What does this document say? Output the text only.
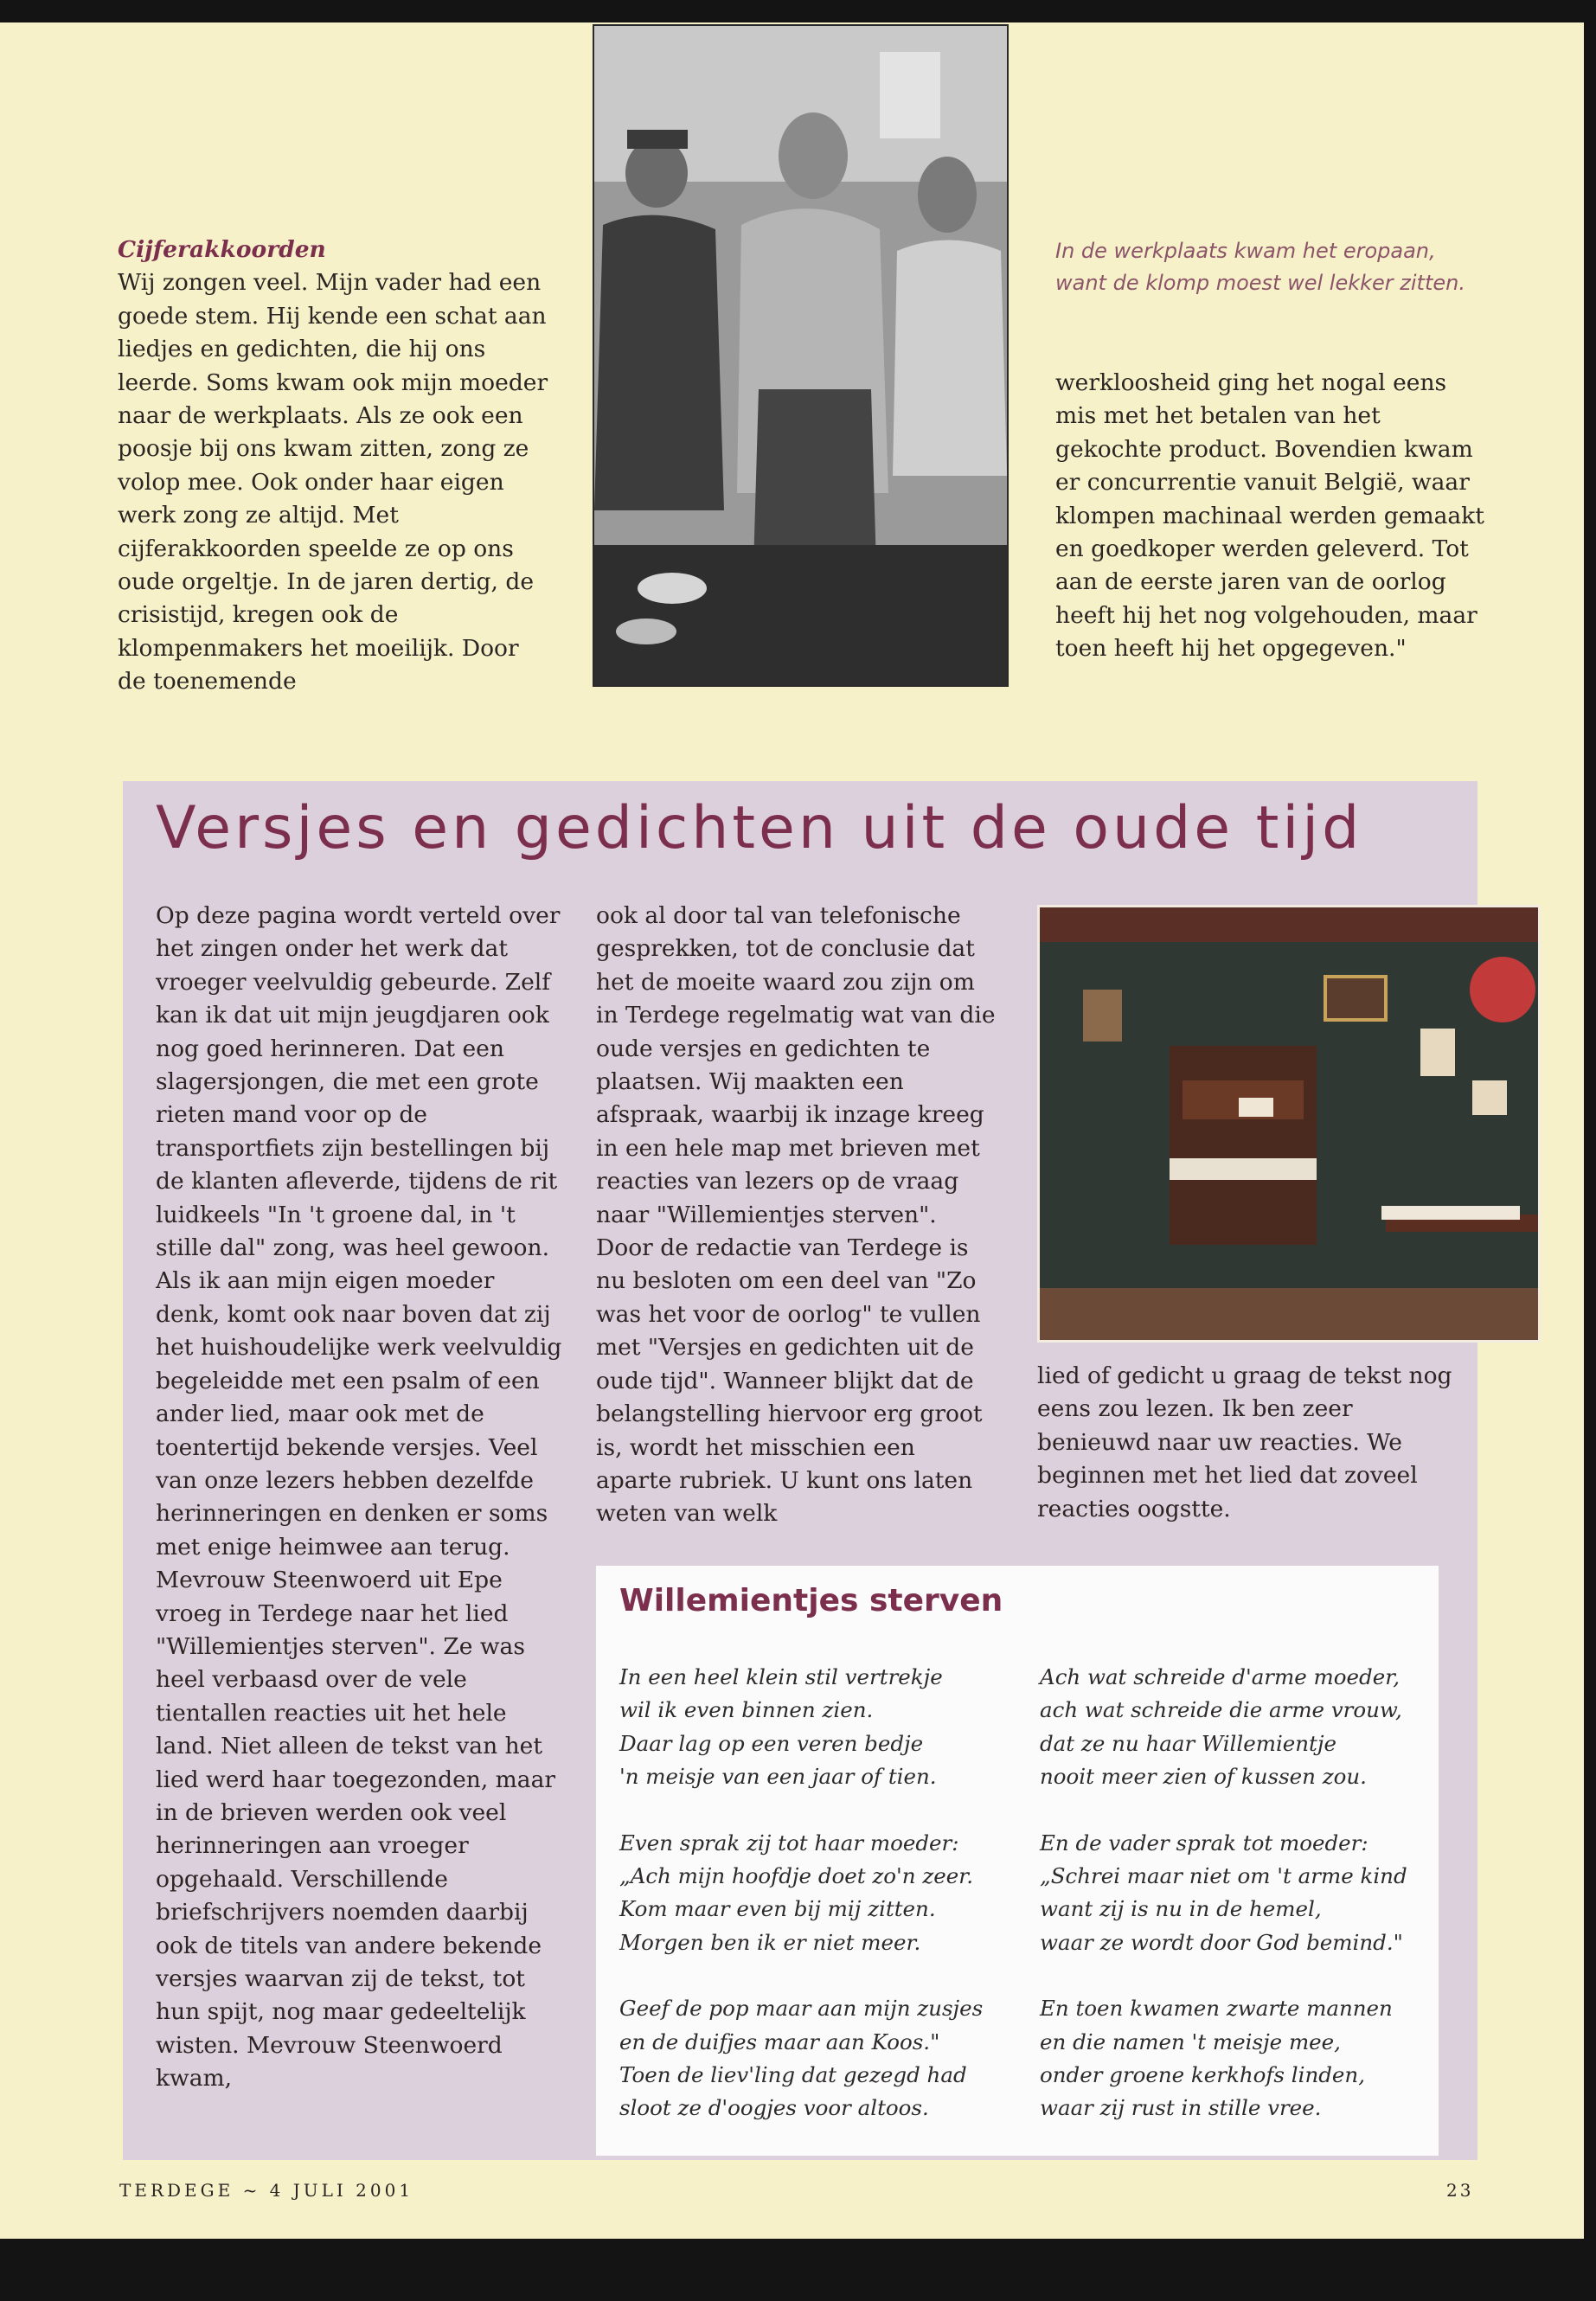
Cijferakkoorden

Wij zongen veel. Mijn vader had een goede stem. Hij kende een schat aan liedjes en gedichten, die hij ons leerde. Soms kwam ook mijn moeder naar de werkplaats. Als ze ook een poosje bij ons kwam zitten, zong ze volop mee. Ook onder haar eigen werk zong ze altijd. Met cijferakkoorden speelde ze op ons oude orgeltje. In de jaren dertig, de crisistijd, kregen ook de klompenmakers het moeilijk. Door de toenemende

In de werkplaats kwam het eropaan, want de klomp moest wel lekker zitten.

werkloosheid ging het nogal eens mis met het betalen van het gekochte product. Bovendien kwam er concurrentie vanuit België, waar klompen machinaal werden gemaakt en goedkoper werden geleverd. Tot aan de eerste jaren van de oorlog heeft hij het nog volgehouden, maar toen heeft hij het opgegeven."

Versjes en gedichten uit de oude tijd

Op deze pagina wordt verteld over het zingen onder het werk dat vroeger veelvuldig gebeurde. Zelf kan ik dat uit mijn jeugdjaren ook nog goed herinneren. Dat een slagersjongen, die met een grote rieten mand voor op de transportfiets zijn bestellingen bij de klanten afleverde, tijdens de rit luidkeels "In 't groene dal, in 't stille dal" zong, was heel gewoon. Als ik aan mijn eigen moeder denk, komt ook naar boven dat zij het huishoudelijke werk veelvuldig begeleidde met een psalm of een ander lied, maar ook met de toentertijd bekende versjes. Veel van onze lezers hebben dezelfde herinneringen en denken er soms met enige heimwee aan terug. Mevrouw Steenwoerd uit Epe vroeg in Terdege naar het lied "Willemientjes sterven". Ze was heel verbaasd over de vele tientallen reacties uit het hele land. Niet alleen de tekst van het lied werd haar toegezonden, maar in de brieven werden ook veel herinneringen aan vroeger opgehaald. Verschillende briefschrijvers noemden daarbij ook de titels van andere bekende versjes waarvan zij de tekst, tot hun spijt, nog maar gedeeltelijk wisten. Mevrouw Steenwoerd kwam,

ook al door tal van telefonische gesprekken, tot de conclusie dat het de moeite waard zou zijn om in Terdege regelmatig wat van die oude versjes en gedichten te plaatsen. Wij maakten een afspraak, waarbij ik inzage kreeg in een hele map met brieven met reacties van lezers op de vraag naar "Willemientjes sterven". Door de redactie van Terdege is nu besloten om een deel van "Zo was het voor de oorlog" te vullen met "Versjes en gedichten uit de oude tijd". Wanneer blijkt dat de belangstelling hiervoor erg groot is, wordt het misschien een aparte rubriek. U kunt ons laten weten van welk

lied of gedicht u graag de tekst nog eens zou lezen. Ik ben zeer benieuwd naar uw reacties. We beginnen met het lied dat zoveel reacties oogstte.

Willemientjes sterven

In een heel klein stil vertrekje
wil ik even binnen zien.
Daar lag op een veren bedje
'n meisje van een jaar of tien.

Even sprak zij tot haar moeder:
„Ach mijn hoofdje doet zo'n zeer.
Kom maar even bij mij zitten.
Morgen ben ik er niet meer.

Geef de pop maar aan mijn zusjes
en de duifjes maar aan Koos."
Toen de liev'ling dat gezegd had
sloot ze d'oogjes voor altoos.

Ach wat schreide d'arme moeder,
ach wat schreide die arme vrouw,
dat ze nu haar Willemientje
nooit meer zien of kussen zou.

En de vader sprak tot moeder:
„Schrei maar niet om 't arme kind
want zij is nu in de hemel,
waar ze wordt door God bemind."

En toen kwamen zwarte mannen
en die namen 't meisje mee,
onder groene kerkhofs linden,
waar zij rust in stille vree.

TERDEGE ~ 4 JULI 2001	23
